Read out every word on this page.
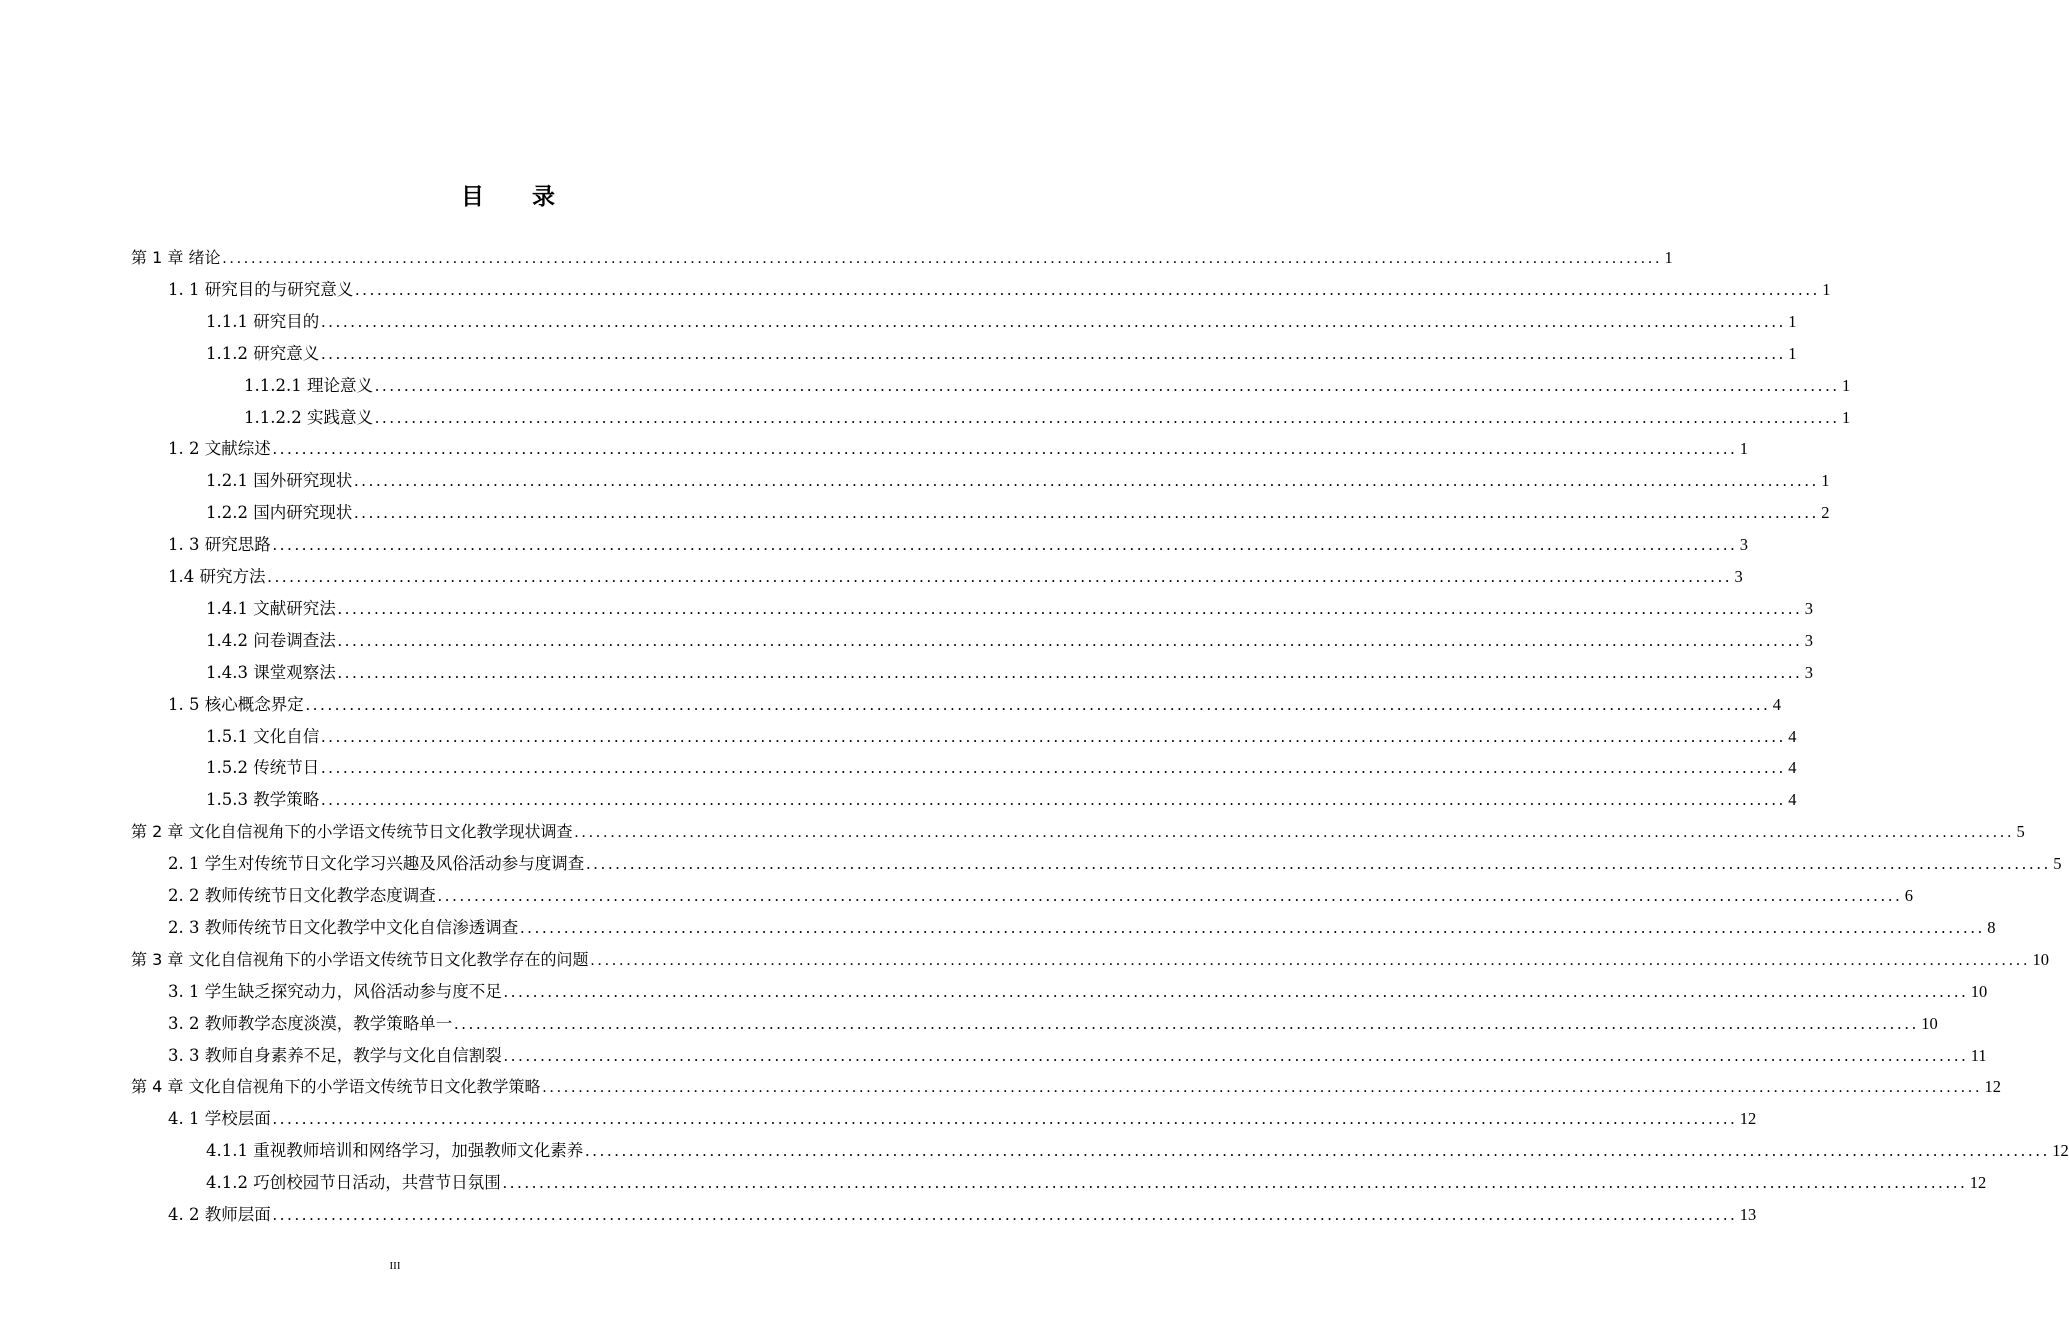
目 录
第 1 章 绪论 ........................................................................................................................................................................................................ 1
1. 1 研究目的与研究意义 ........................................................................................................................................................................................................ 1
1.1.1 研究目的 ........................................................................................................................................................................................................ 1
1.1.2 研究意义 ........................................................................................................................................................................................................ 1
1.1.2.1 理论意义 ........................................................................................................................................................................................................ 1
1.1.2.2 实践意义 ........................................................................................................................................................................................................ 1
1. 2 文献综述 ........................................................................................................................................................................................................ 1
1.2.1 国外研究现状 ........................................................................................................................................................................................................ 1
1.2.2 国内研究现状 ........................................................................................................................................................................................................ 2
1. 3 研究思路 ........................................................................................................................................................................................................ 3
1.4 研究方法 ........................................................................................................................................................................................................ 3
1.4.1 文献研究法 ........................................................................................................................................................................................................ 3
1.4.2 问卷调查法 ........................................................................................................................................................................................................ 3
1.4.3 课堂观察法 ........................................................................................................................................................................................................ 3
1. 5 核心概念界定 ........................................................................................................................................................................................................ 4
1.5.1 文化自信 ........................................................................................................................................................................................................ 4
1.5.2 传统节日 ........................................................................................................................................................................................................ 4
1.5.3 教学策略 ........................................................................................................................................................................................................ 4
第 2 章 文化自信视角下的小学语文传统节日文化教学现状调查 ........................................................................................................................................................................................................ 5
2. 1 学生对传统节日文化学习兴趣及风俗活动参与度调查 ........................................................................................................................................................................................................ 5
2. 2 教师传统节日文化教学态度调查 ........................................................................................................................................................................................................ 6
2. 3 教师传统节日文化教学中文化自信渗透调查 ........................................................................................................................................................................................................ 8
第 3 章 文化自信视角下的小学语文传统节日文化教学存在的问题 ........................................................................................................................................................................................................ 10
3. 1 学生缺乏探究动力，风俗活动参与度不足 ........................................................................................................................................................................................................ 10
3. 2 教师教学态度淡漠，教学策略单一 ........................................................................................................................................................................................................ 10
3. 3 教师自身素养不足，教学与文化自信割裂 ........................................................................................................................................................................................................ 11
第 4 章 文化自信视角下的小学语文传统节日文化教学策略 ........................................................................................................................................................................................................ 12
4. 1 学校层面 ........................................................................................................................................................................................................ 12
4.1.1 重视教师培训和网络学习，加强教师文化素养 ........................................................................................................................................................................................................ 12
4.1.2 巧创校园节日活动，共营节日氛围 ........................................................................................................................................................................................................ 12
4. 2 教师层面 ........................................................................................................................................................................................................ 13
III
